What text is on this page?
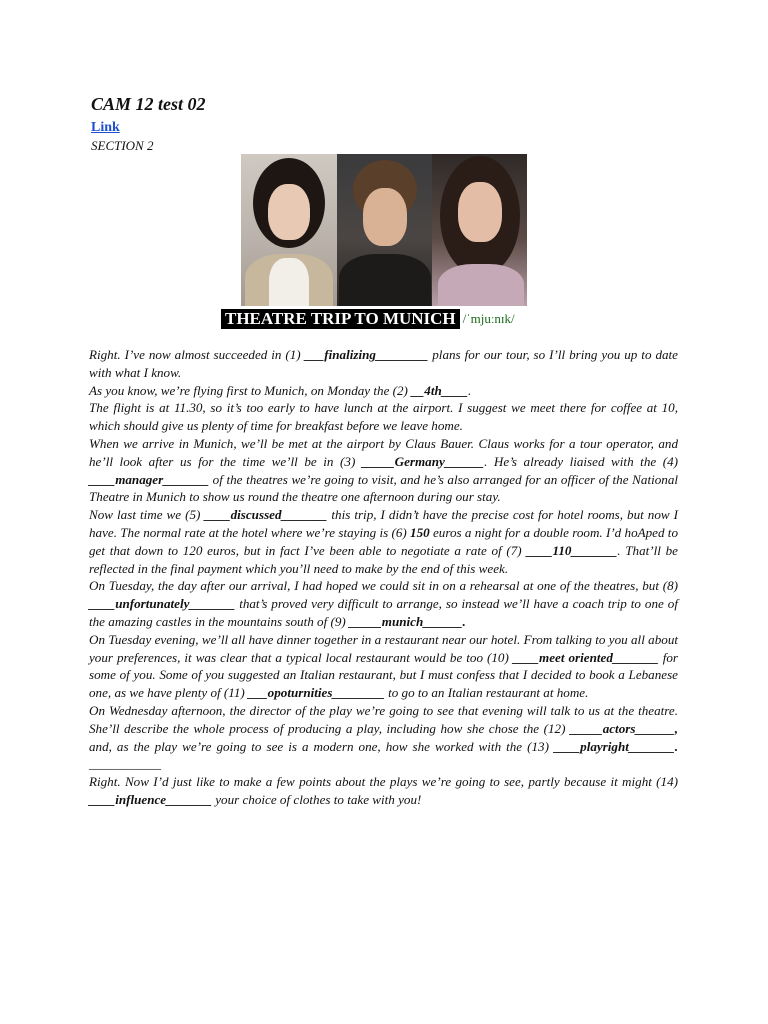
CAM 12 test 02
Link
SECTION 2
THEATRE TRIP TO MUNICH /ˈmjuːnɪk/

Right. I’ve now almost succeeded in (1) ___finalizing________ plans for our tour, so I’ll bring you up to date with what I know.

As you know, we’re flying first to Munich, on Monday the (2) __4th____.

The flight is at 11.30, so it’s too early to have lunch at the airport. I suggest we meet there for coffee at 10, which should give us plenty of time for breakfast before we leave home.

When we arrive in Munich, we’ll be met at the airport by Claus Bauer. Claus works for a tour operator, and he’ll look after us for the time we’ll be in (3) _____Germany______. He’s already liaised with the (4) ____manager_______ of the theatres we’re going to visit, and he’s also arranged for an officer of the National Theatre in Munich to show us round the theatre one afternoon during our stay.

Now last time we (5) ____discussed_______ this trip, I didn’t have the precise cost for hotel rooms, but now I have. The normal rate at the hotel where we’re staying is (6) 150 euros a night for a double room. I’d hoAped to get that down to 120 euros, but in fact I’ve been able to negotiate a rate of (7) ____110_______. That’ll be reflected in the final payment which you’ll need to make by the end of this week.

On Tuesday, the day after our arrival, I had hoped we could sit in on a rehearsal at one of the theatres, but (8) ____unfortunately_______ that’s proved very difficult to arrange, so instead we’ll have a coach trip to one of the amazing castles in the mountains south of (9) _____munich______.

On Tuesday evening, we’ll all have dinner together in a restaurant near our hotel. From talking to you all about your preferences, it was clear that a typical local restaurant would be too (10) ____meet oriented_______ for some of you. Some of you suggested an Italian restaurant, but I must confess that I decided to book a Lebanese one, as we have plenty of (11) ___opoturnities________ to go to an Italian restaurant at home.

On Wednesday afternoon, the director of the play we’re going to see that evening will talk to us at the theatre. She’ll describe the whole process of producing a play, including how she chose the (12) _____actors______, and, as the play we’re going to see is a modern one, how she worked with the (13) ____playright_______. ___________

Right. Now I’d just like to make a few points about the plays we’re going to see, partly because it might (14) ____influence_______ your choice of clothes to take with you!
